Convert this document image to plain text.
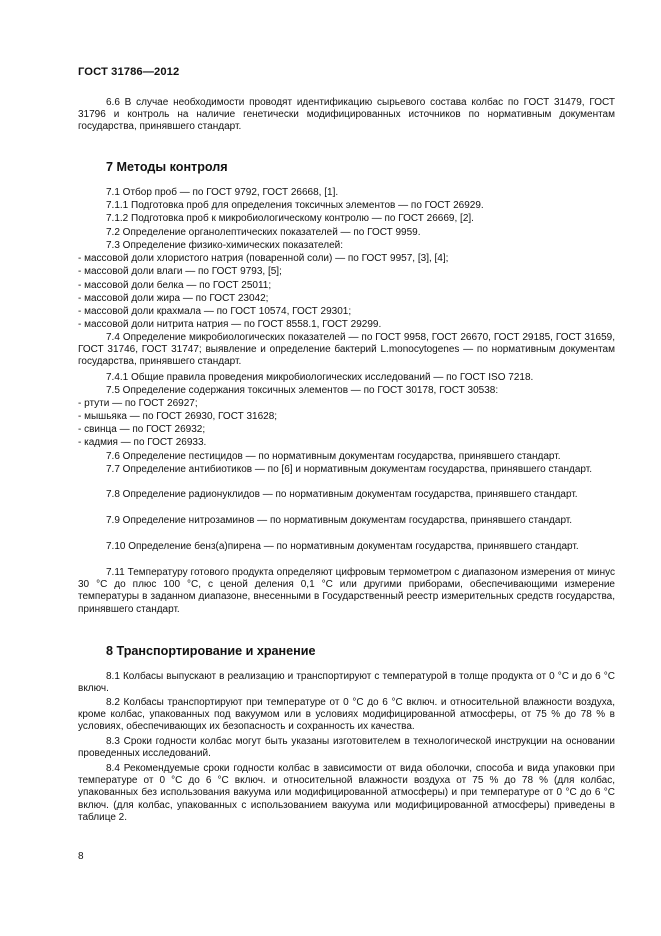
ГОСТ 31786—2012
6.6 В случае необходимости проводят идентификацию сырьевого состава колбас по ГОСТ 31479, ГОСТ 31796 и контроль на наличие генетически модифицированных источников по нормативным документам государства, принявшего стандарт.
7 Методы контроля
7.1 Отбор проб — по ГОСТ 9792, ГОСТ 26668, [1].
7.1.1 Подготовка проб для определения токсичных элементов — по ГОСТ 26929.
7.1.2 Подготовка проб к микробиологическому контролю — по ГОСТ 26669, [2].
7.2 Определение органолептических показателей — по ГОСТ 9959.
7.3 Определение физико-химических показателей:
- массовой доли хлористого натрия (поваренной соли) — по ГОСТ 9957, [3], [4];
- массовой доли влаги — по ГОСТ 9793, [5];
- массовой доли белка — по ГОСТ 25011;
- массовой доли жира — по ГОСТ 23042;
- массовой доли крахмала — по ГОСТ 10574, ГОСТ 29301;
- массовой доли нитрита натрия — по ГОСТ 8558.1, ГОСТ 29299.
7.4 Определение микробиологических показателей — по ГОСТ 9958, ГОСТ 26670, ГОСТ 29185, ГОСТ 31659, ГОСТ 31746, ГОСТ 31747; выявление и определение бактерий L.monocytogenes — по нормативным документам государства, принявшего стандарт.
7.4.1 Общие правила проведения микробиологических исследований — по ГОСТ ISO 7218.
7.5 Определение содержания токсичных элементов — по ГОСТ 30178, ГОСТ 30538:
- ртути — по ГОСТ 26927;
- мышьяка — по ГОСТ 26930, ГОСТ 31628;
- свинца — по ГОСТ 26932;
- кадмия — по ГОСТ 26933.
7.6 Определение пестицидов — по нормативным документам государства, принявшего стандарт.
7.7 Определение антибиотиков — по [6] и нормативным документам государства, принявшего стандарт.
7.8 Определение радионуклидов — по нормативным документам государства, принявшего стандарт.
7.9 Определение нитрозаминов — по нормативным документам государства, принявшего стандарт.
7.10 Определение бенз(а)пирена — по нормативным документам государства, принявшего стандарт.
7.11 Температуру готового продукта определяют цифровым термометром с диапазоном измерения от минус 30 °С до плюс 100 °С, с ценой деления 0,1 °С или другими приборами, обеспечивающими измерение температуры в заданном диапазоне, внесенными в Государственный реестр измерительных средств государства, принявшего стандарт.
8 Транспортирование и хранение
8.1 Колбасы выпускают в реализацию и транспортируют с температурой в толще продукта от 0 °С и до 6 °С включ.
8.2 Колбасы транспортируют при температуре от 0 °С до 6 °С включ. и относительной влажности воздуха, кроме колбас, упакованных под вакуумом или в условиях модифицированной атмосферы, от 75 % до 78 % в условиях, обеспечивающих их безопасность и сохранность их качества.
8.3 Сроки годности колбас могут быть указаны изготовителем в технологической инструкции на основании проведенных исследований.
8.4 Рекомендуемые сроки годности колбас в зависимости от вида оболочки, способа и вида упаковки при температуре от 0 °С до 6 °С включ. и относительной влажности воздуха от 75 % до 78 % (для колбас, упакованных без использования вакуума или модифицированной атмосферы) и при температуре от 0 °С до 6 °С включ. (для колбас, упакованных с использованием вакуума или модифицированной атмосферы) приведены в таблице 2.
8
